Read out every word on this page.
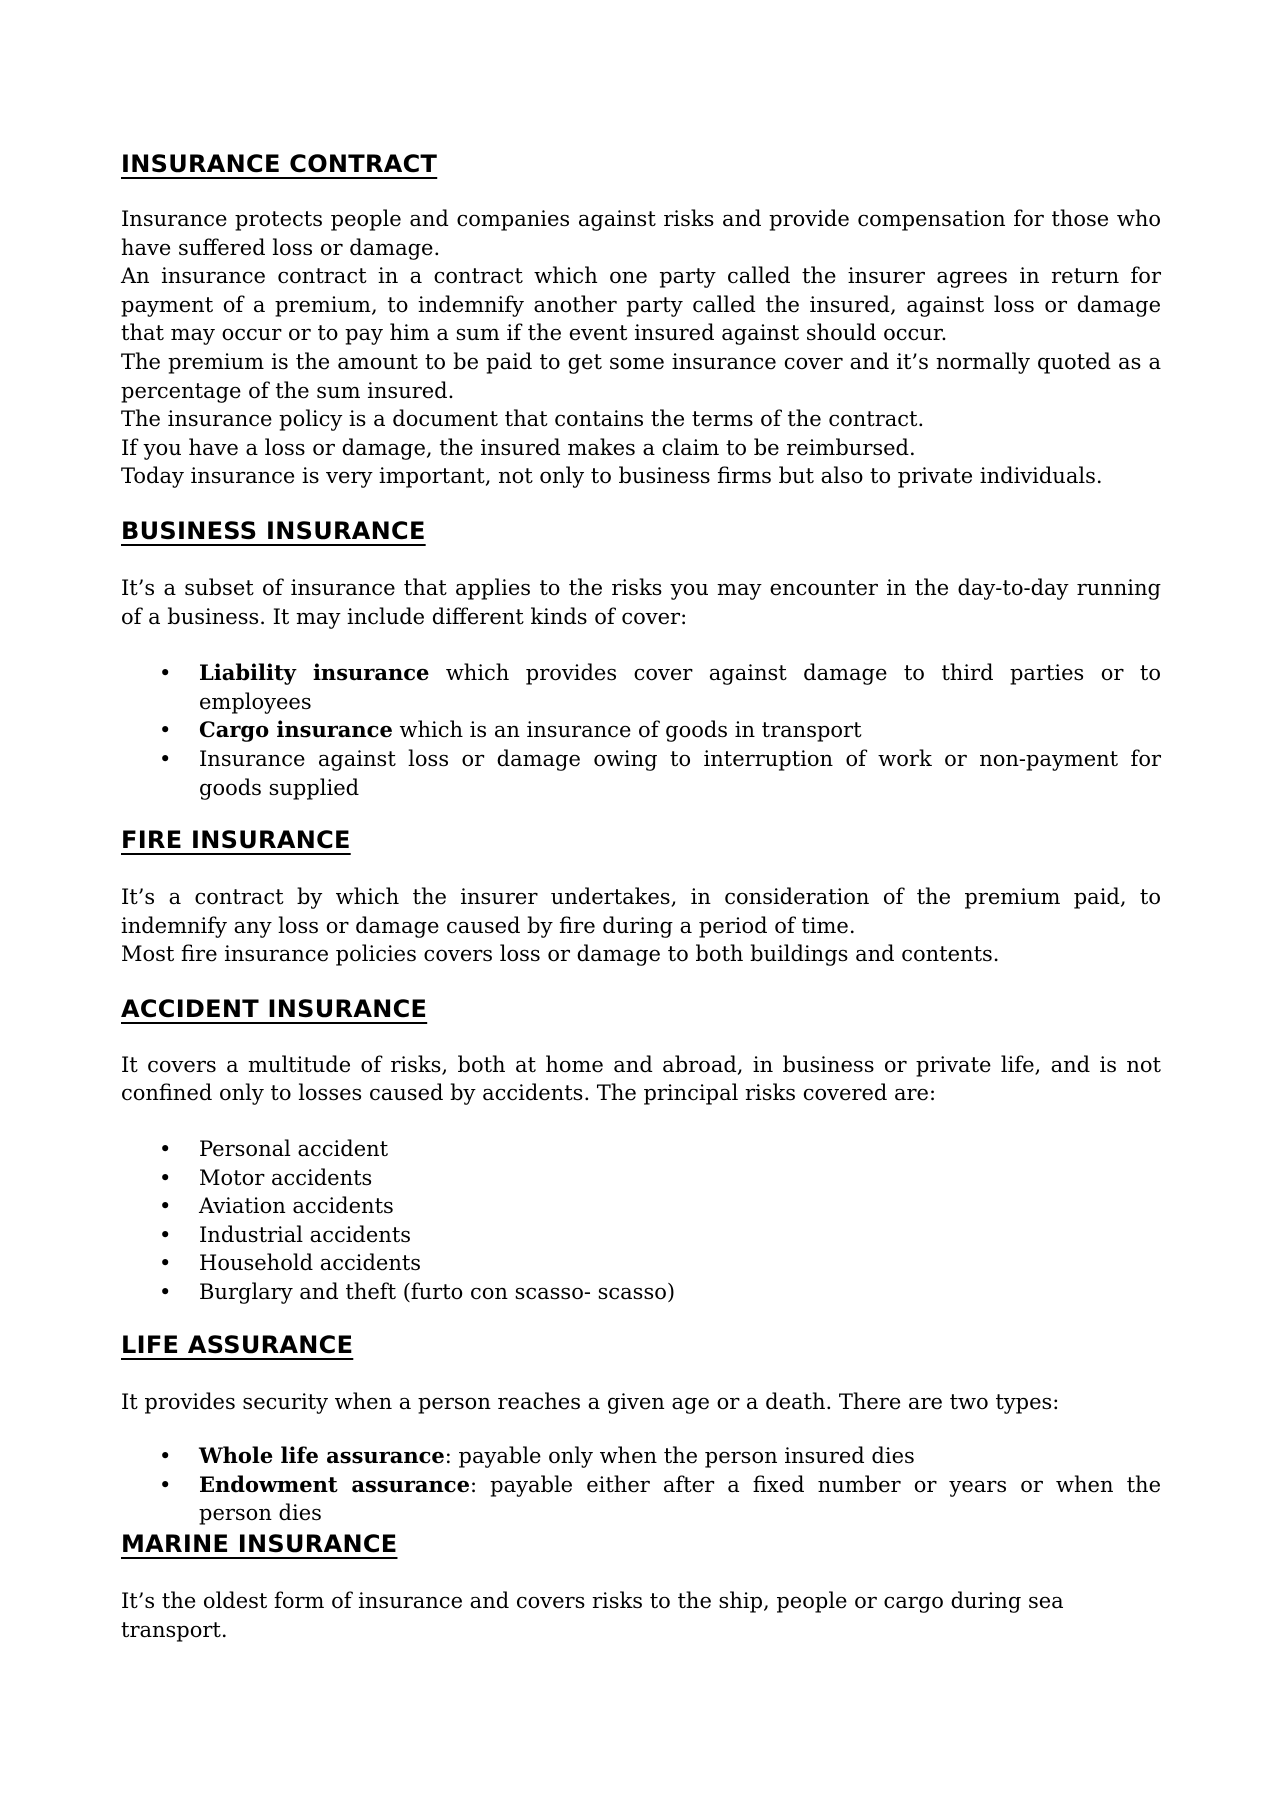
INSURANCE CONTRACT

Insurance protects people and companies against risks and provide compensation for those who have suffered loss or damage.

An insurance contract in a contract which one party called the insurer agrees in return for payment of a premium, to indemnify another party called the insured, against loss or damage that may occur or to pay him a sum if the event insured against should occur.

The premium is the amount to be paid to get some insurance cover and it’s normally quoted as a percentage of the sum insured.

The insurance policy is a document that contains the terms of the contract.

If you have a loss or damage, the insured makes a claim to be reimbursed.

Today insurance is very important, not only to business firms but also to private individuals.

BUSINESS INSURANCE

It’s a subset of insurance that applies to the risks you may encounter in the day-to-day running of a business. It may include different kinds of cover:

• Liability insurance which provides cover against damage to third parties or to employees
• Cargo insurance which is an insurance of goods in transport
• Insurance against loss or damage owing to interruption of work or non-payment for goods supplied
FIRE INSURANCE

It’s a contract by which the insurer undertakes, in consideration of the premium paid, to indemnify any loss or damage caused by fire during a period of time.

Most fire insurance policies covers loss or damage to both buildings and contents.

ACCIDENT INSURANCE

It covers a multitude of risks, both at home and abroad, in business or private life, and is not confined only to losses caused by accidents. The principal risks covered are:

• Personal accident
• Motor accidents
• Aviation accidents
• Industrial accidents
• Household accidents
• Burglary and theft (furto con scasso- scasso)
LIFE ASSURANCE

It provides security when a person reaches a given age or a death. There are two types:

• Whole life assurance: payable only when the person insured dies
• Endowment assurance: payable either after a fixed number or years or when the person dies
MARINE INSURANCE

It’s the oldest form of insurance and covers risks to the ship, people or cargo during sea transport.
